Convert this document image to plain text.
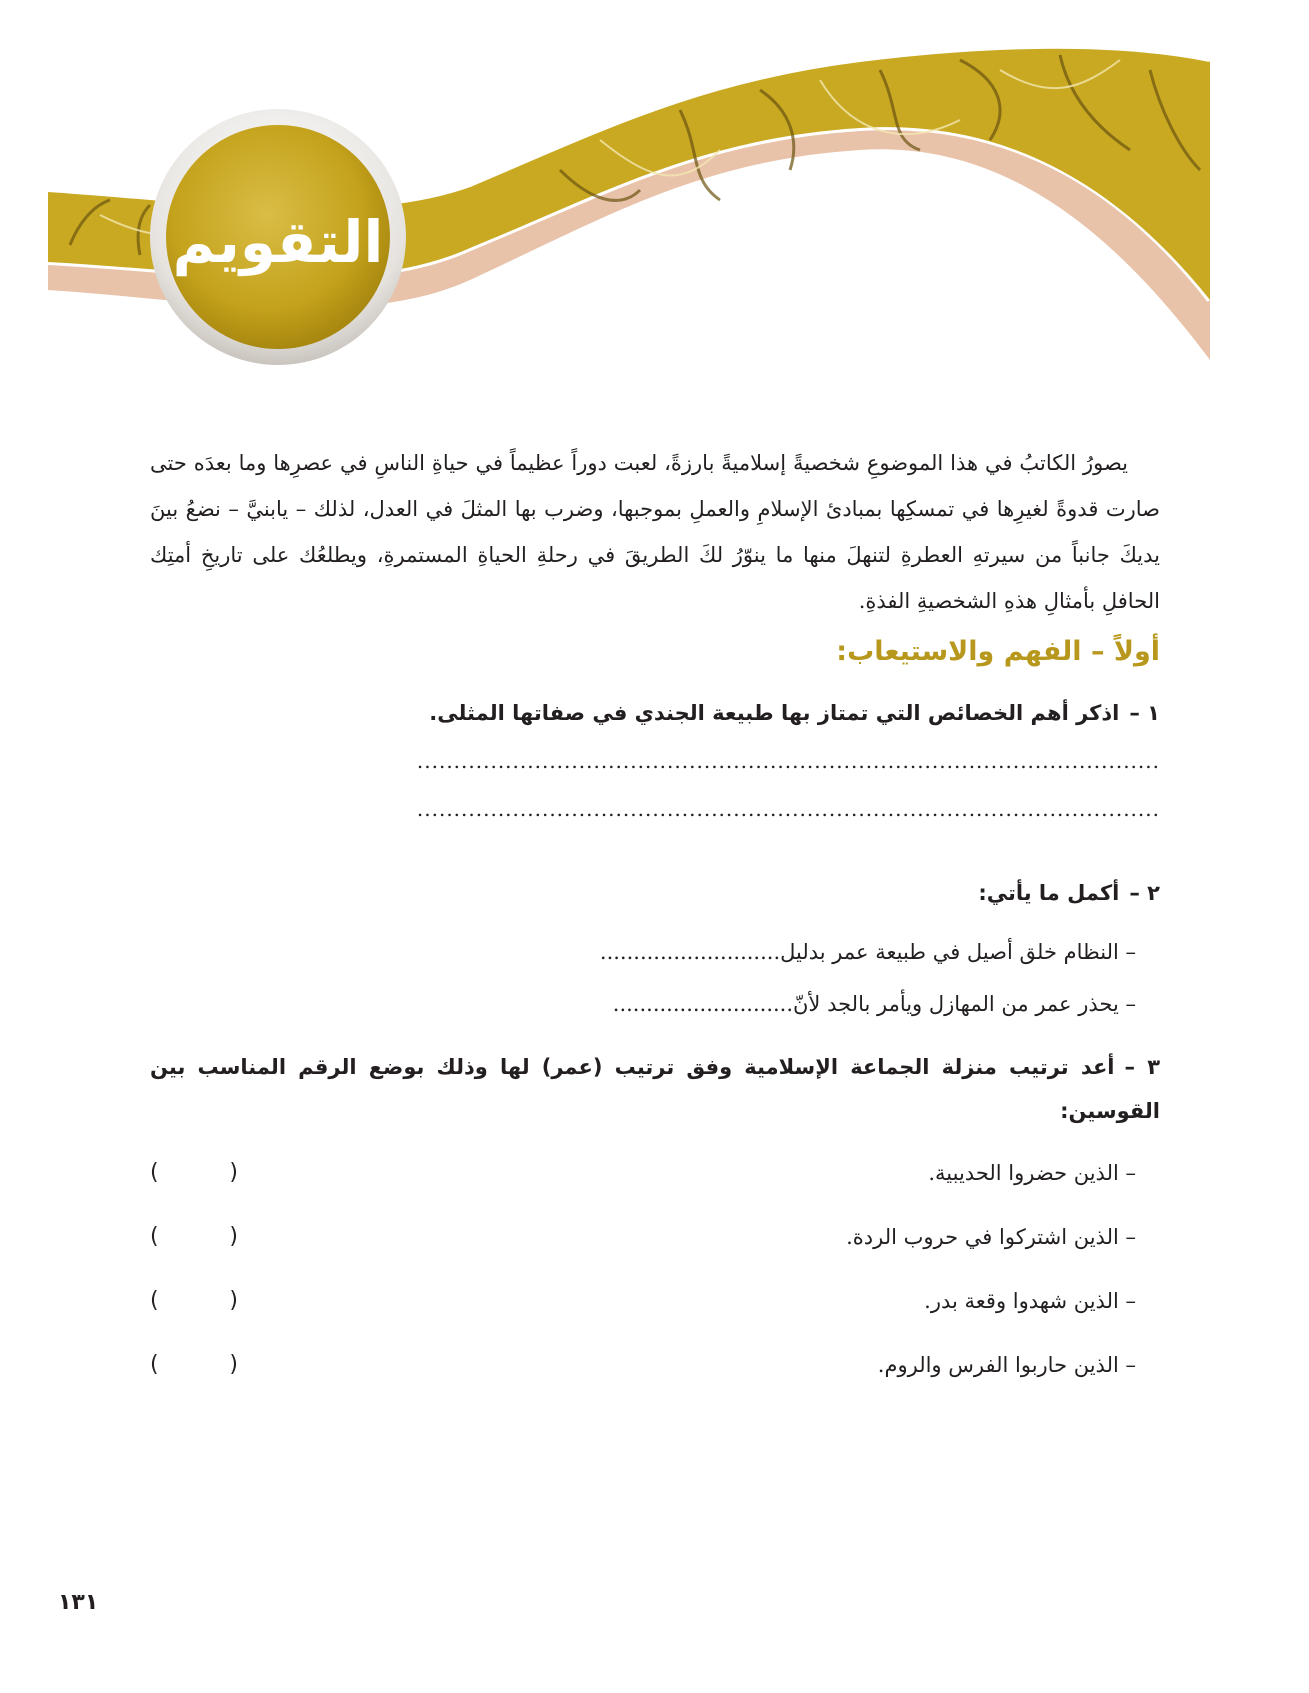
التقويم

يصورُ الكاتبُ في هذا الموضوعِ شخصيةً إسلاميةً بارزةً، لعبت دوراً عظيماً في حياةِ الناسِ في عصرِها وما بعدَه حتى صارت قدوةً لغيرِها في تمسكِها بمبادئ الإسلامِ والعملِ بموجبها، وضرب بها المثلَ في العدل، لذلك – يابنيَّ – نضعُ بينَ يديكَ جانباً من سيرتهِ العطرةِ لتنهلَ منها ما ينوّرُ لكَ الطريقَ في رحلةِ الحياةِ المستمرةِ، ويطلعُك على تاريخِ أمتِك الحافلِ بأمثالِ هذهِ الشخصيةِ الفذةِ.

أولاً – الفهم والاستيعاب:

١ –اذكر أهم الخصائص التي تمتاز بها طبيعة الجندي في صفاتها المثلى.

.....................................................................................................
.....................................................................................................

٢ –أكمل ما يأتي:

– النظام خلق أصيل في طبيعة عمر بدليل...........................

– يحذر عمر من المهازل ويأمر بالجد لأنّ...........................

٣ –أعد ترتيب منزلة الجماعة الإسلامية وفق ترتيب (عمر) لها وذلك بوضع الرقم المناسب بين القوسين:

– الذين حضروا الحديبية.
(	)
– الذين اشتركوا في حروب الردة.
(	)
– الذين شهدوا وقعة بدر.
(	)
– الذين حاربوا الفرس والروم.
(	)
١٣١
